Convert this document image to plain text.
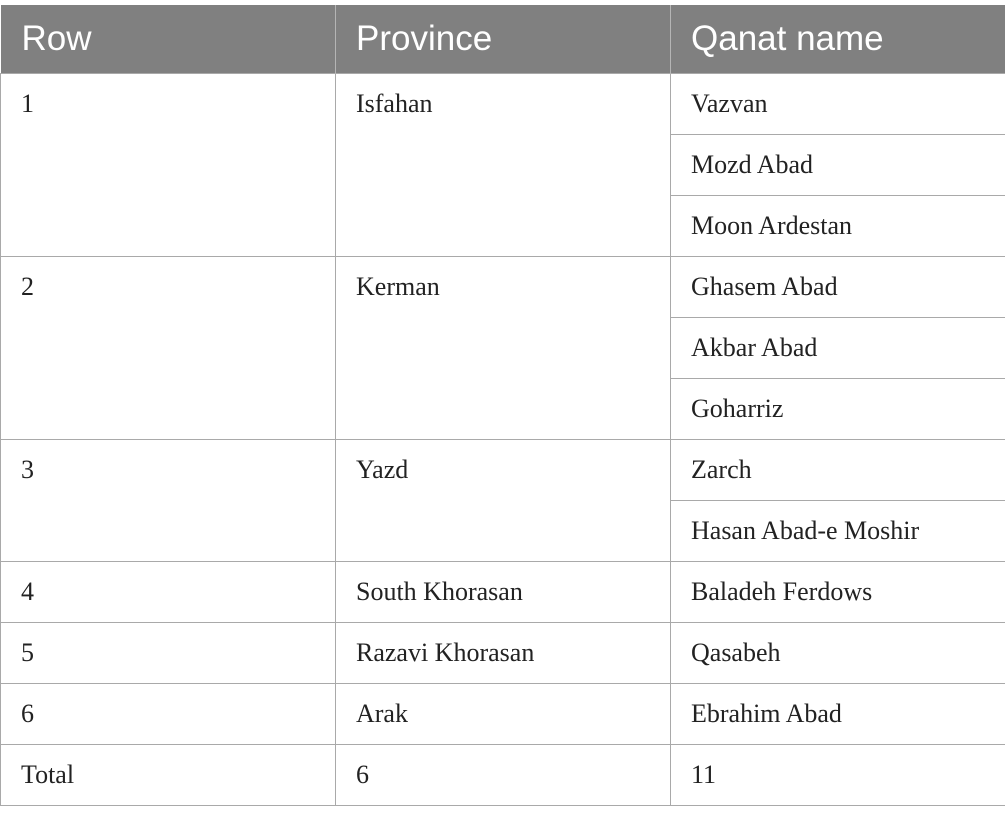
Row	Province	Qanat name

1	Isfahan	Vazvan

		Mozd Abad

		Moon Ardestan

2	Kerman	Ghasem Abad

		Akbar Abad

		Goharriz

3	Yazd	Zarch

		Hasan Abad-e Moshir

4	South Khorasan	Baladeh Ferdows

5	Razavi Khorasan	Qasabeh

6	Arak	Ebrahim Abad

Total	6	11
